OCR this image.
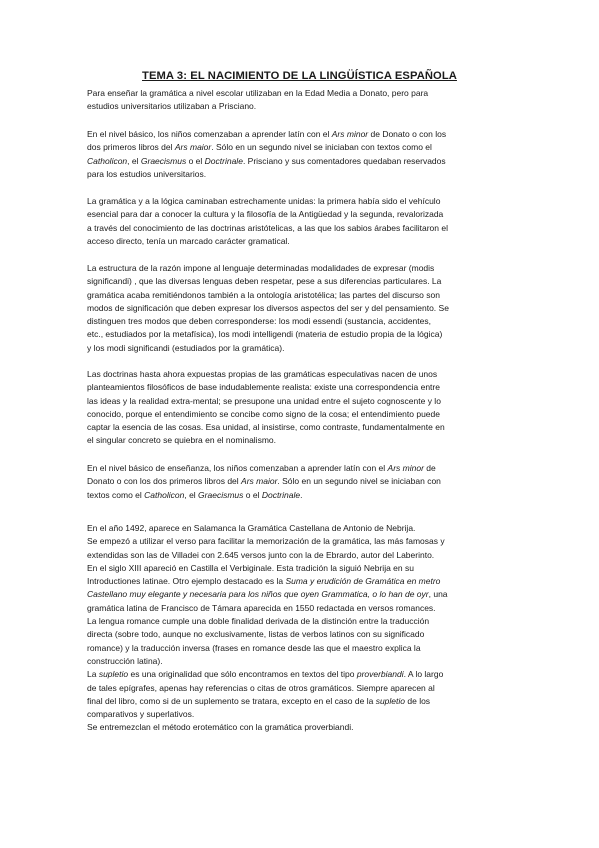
TEMA 3: EL NACIMIENTO DE LA LINGÜÍSTICA ESPAÑOLA
Para enseñar la gramática a nivel escolar utilizaban en la Edad Media a Donato, pero para
estudios universitarios utilizaban a Prisciano.
En el nivel básico, los niños comenzaban a aprender latín con el Ars minor de Donato o con los
dos primeros libros del Ars maior. Sólo en un segundo nivel se iniciaban con textos como el
Catholicon, el Graecismus o el Doctrinale. Prisciano y sus comentadores quedaban reservados
para los estudios universitarios.
La gramática y a la lógica caminaban estrechamente unidas: la primera había sido el vehículo
esencial para dar a conocer la cultura y la filosofía de la Antigüedad y la segunda, revalorizada
a través del conocimiento de las doctrinas aristótelicas, a las que los sabios árabes facilitaron el
acceso directo, tenía un marcado carácter gramatical.
La estructura de la razón impone al lenguaje determinadas modalidades de expresar (modis
significandi) , que las diversas lenguas deben respetar, pese a sus diferencias particulares. La
gramática acaba remitiéndonos también a la ontología aristotélica; las partes del discurso son
modos de significación que deben expresar los diversos aspectos del ser y del pensamiento. Se
distinguen tres modos que deben corresponderse: los modi essendi (sustancia, accidentes,
etc., estudiados por la metafísica), los modi intelligendi (materia de estudio propia de la lógica)
y los modi significandi (estudiados por la gramática).
Las doctrinas hasta ahora expuestas propias de las gramáticas especulativas nacen de unos
planteamientos filosóficos de base indudablemente realista: existe una correspondencia entre
las ideas y la realidad extra-mental; se presupone una unidad entre el sujeto cognoscente y lo
conocido, porque el entendimiento se concibe como signo de la cosa; el entendimiento puede
captar la esencia de las cosas. Esa unidad, al insistirse, como contraste, fundamentalmente en
el singular concreto se quiebra en el nominalismo.
En el nivel básico de enseñanza, los niños comenzaban a aprender latín con el Ars minor de
Donato o con los dos primeros libros del Ars maior. Sólo en un segundo nivel se iniciaban con
textos como el Catholicon, el Graecismus o el Doctrinale.
En el año 1492, aparece en Salamanca la Gramática Castellana de Antonio de Nebrija.
Se empezó a utilizar el verso para facilitar la memorización de la gramática, las más famosas y
extendidas son las de Villadei con 2.645 versos junto con la de Ebrardo, autor del Laberinto.
En el siglo XIII apareció en Castilla el Verbiginale. Esta tradición la siguió Nebrija en su
Introductiones latinae. Otro ejemplo destacado es la Suma y erudición de Gramática en metro
Castellano muy elegante y necesaria para los niños que oyen Grammatica, o lo han de oyr, una
gramática latina de Francisco de Támara aparecida en 1550 redactada en versos romances.
La lengua romance cumple una doble finalidad derivada de la distinción entre la traducción
directa (sobre todo, aunque no exclusivamente, listas de verbos latinos con su significado
romance) y la traducción inversa (frases en romance desde las que el maestro explica la
construcción latina).
La supletio es una originalidad que sólo encontramos en textos del tipo proverbiandi. A lo largo
de tales epígrafes, apenas hay referencias o citas de otros gramáticos. Siempre aparecen al
final del libro, como si de un suplemento se tratara, excepto en el caso de la supletio de los
comparativos y superlativos.
Se entremezclan el método erotemático con la gramática proverbiandi.
